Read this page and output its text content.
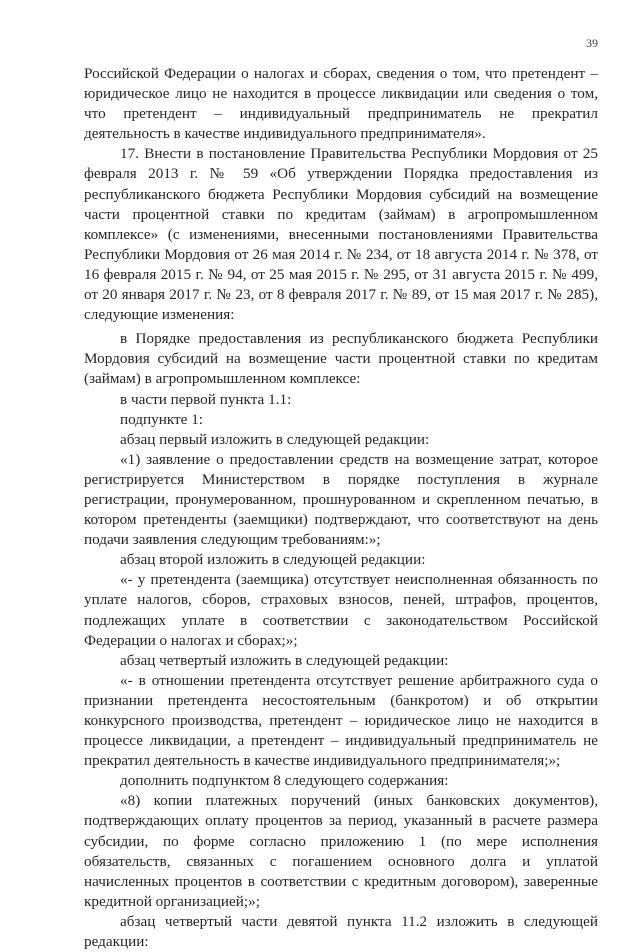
39

Российской Федерации о налогах и сборах, сведения о том, что претендент – юридическое лицо не находится в процессе ликвидации или сведения о том, что претендент – индивидуальный предприниматель не прекратил деятельность в качестве индивидуального предпринимателя».

17. Внести в постановление Правительства Республики Мордовия от 25 февраля 2013 г. № 59 «Об утверждении Порядка предоставления из республиканского бюджета Республики Мордовия субсидий на возмещение части процентной ставки по кредитам (займам) в агропромышленном комплексе» (с изменениями, внесенными постановлениями Правительства Республики Мордовия от 26 мая 2014 г. № 234, от 18 августа 2014 г. № 378, от 16 февраля 2015 г. № 94, от 25 мая 2015 г. № 295, от 31 августа 2015 г. № 499, от 20 января 2017 г. № 23, от 8 февраля 2017 г. № 89, от 15 мая 2017 г. № 285), следующие изменения:

в Порядке предоставления из республиканского бюджета Республики Мордовия субсидий на возмещение части процентной ставки по кредитам (займам) в агропромышленном комплексе:

в части первой пункта 1.1:

подпункте 1:

абзац первый изложить в следующей редакции:

«1) заявление о предоставлении средств на возмещение затрат, которое регистрируется Министерством в порядке поступления в журнале регистрации, пронумерованном, прошнурованном и скрепленном печатью, в котором претенденты (заемщики) подтверждают, что соответствуют на день подачи заявления следующим требованиям:»;

абзац второй изложить в следующей редакции:

«- у претендента (заемщика) отсутствует неисполненная обязанность по уплате налогов, сборов, страховых взносов, пеней, штрафов, процентов, подлежащих уплате в соответствии с законодательством Российской Федерации о налогах и сборах;»;

абзац четвертый изложить в следующей редакции:

«- в отношении претендента отсутствует решение арбитражного суда о признании претендента несостоятельным (банкротом) и об открытии конкурсного производства, претендент – юридическое лицо не находится в процессе ликвидации, а претендент – индивидуальный предприниматель не прекратил деятельность в качестве индивидуального предпринимателя;»;

дополнить подпунктом 8 следующего содержания:

«8) копии платежных поручений (иных банковских документов), подтверждающих оплату процентов за период, указанный в расчете размера субсидии, по форме согласно приложению 1 (по мере исполнения обязательств, связанных с погашением основного долга и уплатой начисленных процентов в соответствии с кредитным договором), заверенные кредитной организацией;»;

абзац четвертый части девятой пункта 11.2 изложить в следующей редакции:
